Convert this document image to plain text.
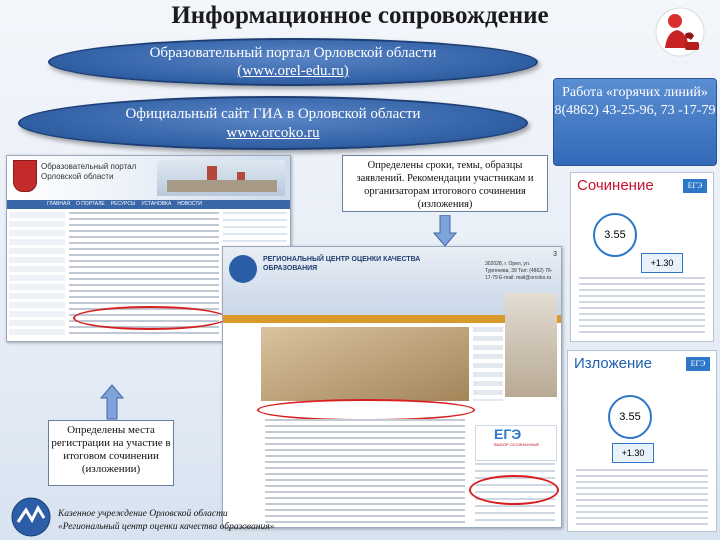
Информационное сопровождение
Образовательный портал Орловской области
(www.orel-edu.ru)
Официальный сайт ГИА в Орловской области
www.orcoko.ru
Работа «горячих линий» 8(4862) 43-25-96, 73 -17-79
Образовательный портал Орловской области
ГЛАВНАЯ О ПОРТАЛЕ РЕСУРСЫ УСТАНОВКА НОВОСТИ
Определены сроки, темы, образцы заявлений. Рекомендации участникам и организаторам итогового сочинения (изложения)
РЕГИОНАЛЬНЫЙ ЦЕНТР ОЦЕНКИ КАЧЕСТВА ОБРАЗОВАНИЯ
302028, г. Орел, ул. Тургенева, 39 Тел: (4862) 76-17-79 E-mail: mail@orcoko.ru
3
ЕГЭ
ВЫБОР ОСОЗНАННЫЙ
Определены места регистрации на участие в итоговом сочинении (изложении)
Сочинение	ЕГЭ
3.55
+1.30
Изложение	ЕГЭ
3.55
+1.30
Казенное учреждение Орловской области
«Региональный центр оценки качества образования»
